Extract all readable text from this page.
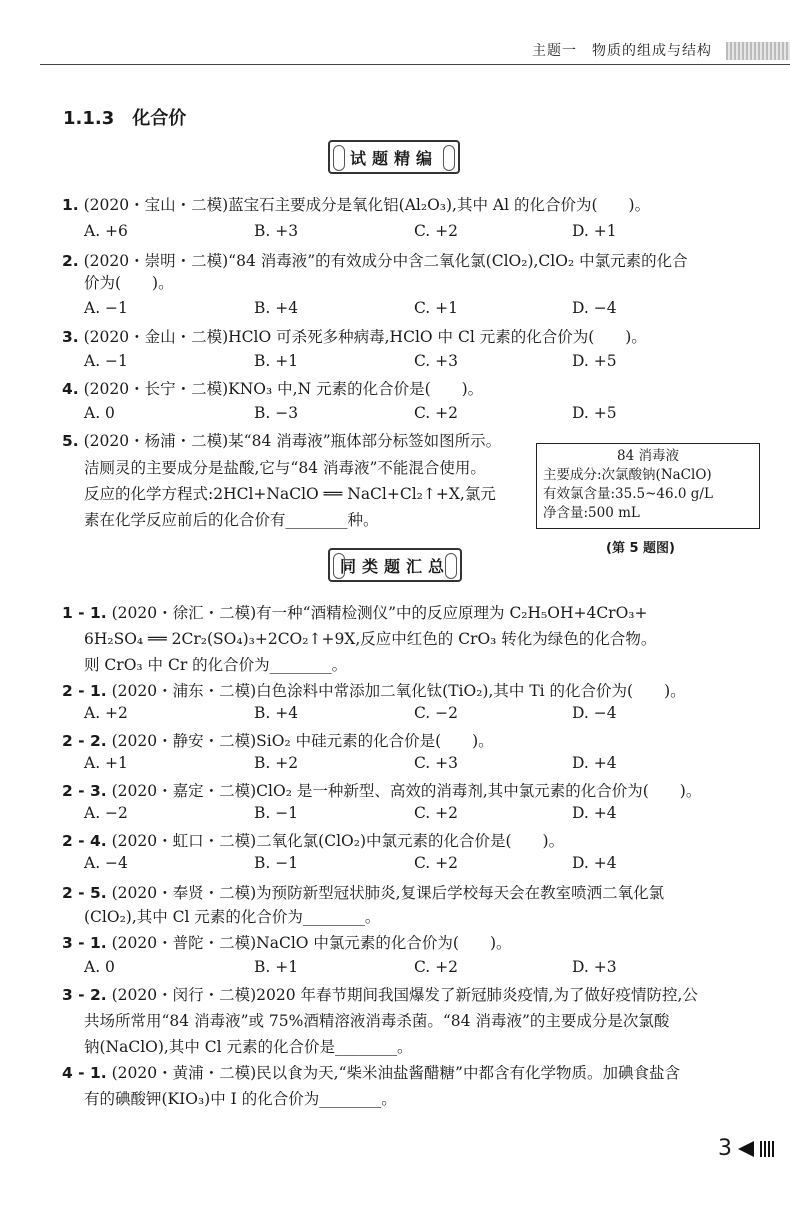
主题一　物质的组成与结构
1.1.3　化合价
试题精编
1. (2020・宝山・二模)蓝宝石主要成分是氧化铝(Al₂O₃),其中 Al 的化合价为(　　)。
A. +6	B. +3	C. +2	D. +1
2. (2020・崇明・二模)“84 消毒液”的有效成分中含二氧化氯(ClO₂),ClO₂ 中氯元素的化合
价为(　　)。
A. −1	B. +4	C. +1	D. −4
3. (2020・金山・二模)HClO 可杀死多种病毒,HClO 中 Cl 元素的化合价为(　　)。
A. −1	B. +1	C. +3	D. +5
4. (2020・长宁・二模)KNO₃ 中,N 元素的化合价是(　　)。
A. 0	B. −3	C. +2	D. +5
5. (2020・杨浦・二模)某“84 消毒液”瓶体部分标签如图所示。
洁厕灵的主要成分是盐酸,它与“84 消毒液”不能混合使用。
反应的化学方程式:2HCl+NaClO ══ NaCl+Cl₂↑+X,氯元
素在化学反应前后的化合价有________种。
84 消毒液
主要成分:次氯酸钠(NaClO)
有效氯含量:35.5~46.0 g/L
净含量:500 mL
(第 5 题图)
同类题汇总
1 - 1. (2020・徐汇・二模)有一种“酒精检测仪”中的反应原理为 C₂H₅OH+4CrO₃+
6H₂SO₄ ══ 2Cr₂(SO₄)₃+2CO₂↑+9X,反应中红色的 CrO₃ 转化为绿色的化合物。
则 CrO₃ 中 Cr 的化合价为________。
2 - 1. (2020・浦东・二模)白色涂料中常添加二氧化钛(TiO₂),其中 Ti 的化合价为(　　)。
A. +2	B. +4	C. −2	D. −4
2 - 2. (2020・静安・二模)SiO₂ 中硅元素的化合价是(　　)。
A. +1	B. +2	C. +3	D. +4
2 - 3. (2020・嘉定・二模)ClO₂ 是一种新型、高效的消毒剂,其中氯元素的化合价为(　　)。
A. −2	B. −1	C. +2	D. +4
2 - 4. (2020・虹口・二模)二氧化氯(ClO₂)中氯元素的化合价是(　　)。
A. −4	B. −1	C. +2	D. +4
2 - 5. (2020・奉贤・二模)为预防新型冠状肺炎,复课后学校每天会在教室喷洒二氧化氯
(ClO₂),其中 Cl 元素的化合价为________。
3 - 1. (2020・普陀・二模)NaClO 中氯元素的化合价为(　　)。
A. 0	B. +1	C. +2	D. +3
3 - 2. (2020・闵行・二模)2020 年春节期间我国爆发了新冠肺炎疫情,为了做好疫情防控,公
共场所常用“84 消毒液”或 75%酒精溶液消毒杀菌。“84 消毒液”的主要成分是次氯酸
钠(NaClO),其中 Cl 元素的化合价是________。
4 - 1. (2020・黄浦・二模)民以食为天,“柴米油盐酱醋糖”中都含有化学物质。加碘食盐含
有的碘酸钾(KIO₃)中 I 的化合价为________。
3
